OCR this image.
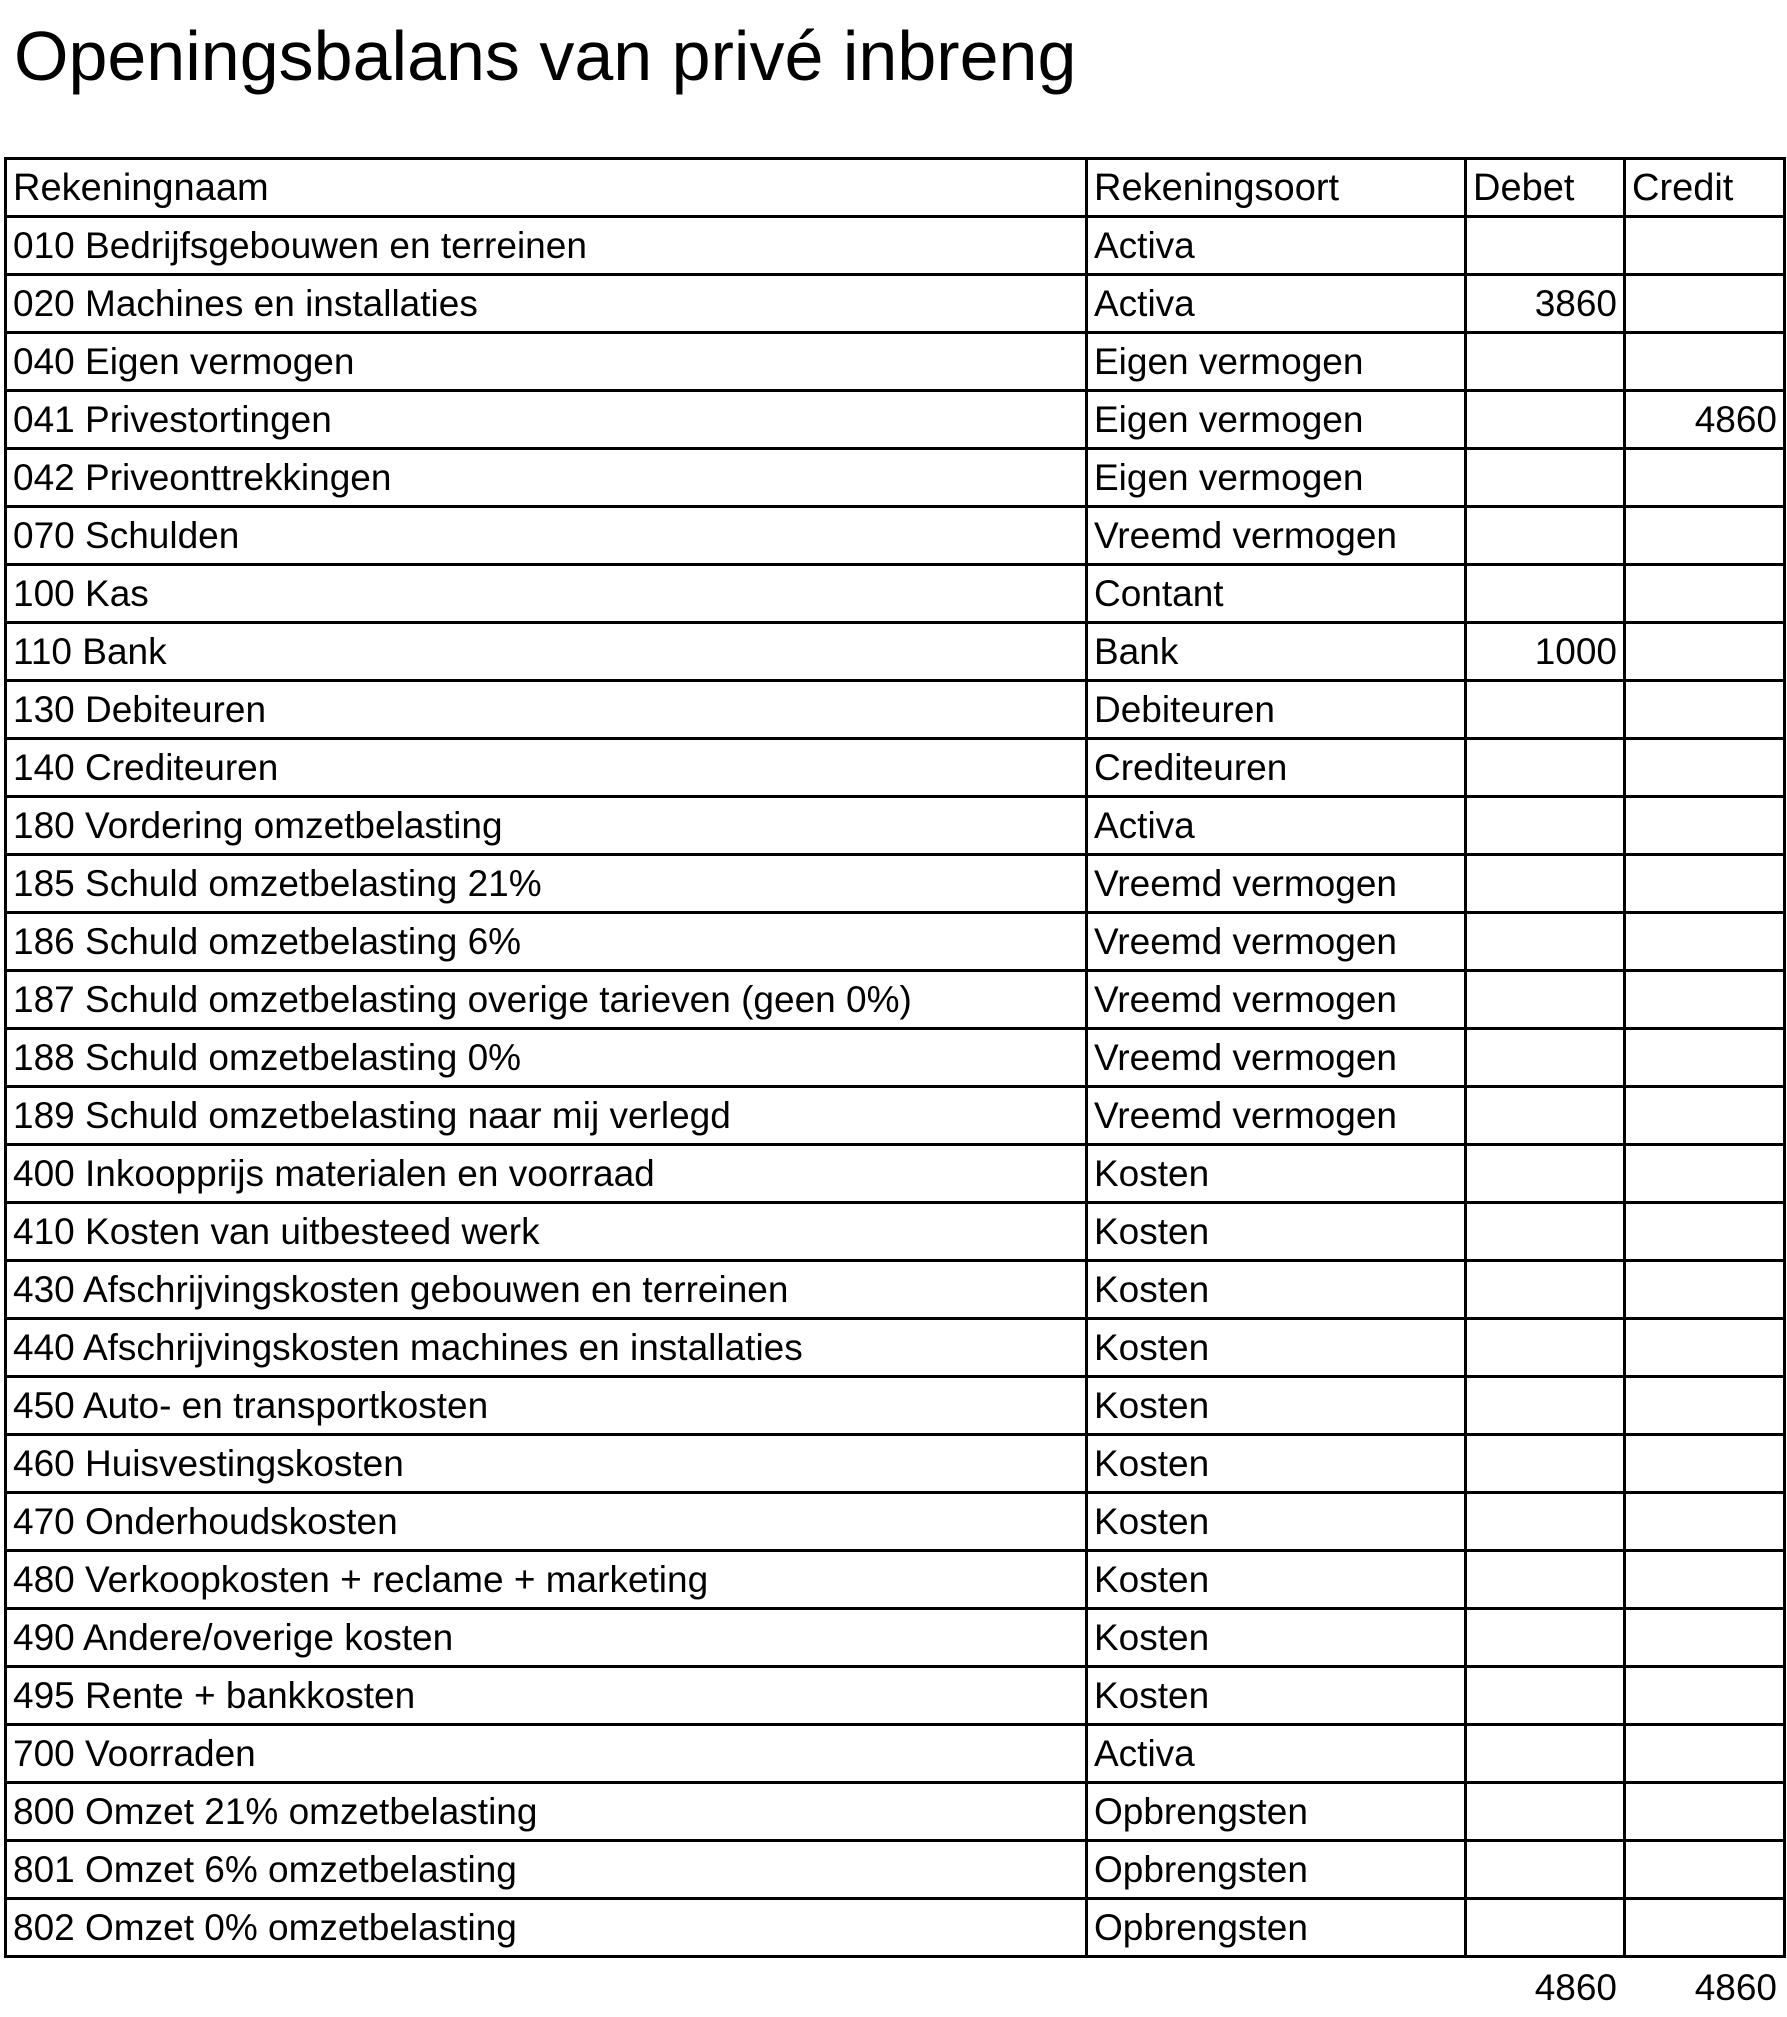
Openingsbalans van privé inbreng
Rekeningnaam	Rekeningsoort	Debet	Credit
010 Bedrijfsgebouwen en terreinen	Activa		
020 Machines en installaties	Activa	3860	
040 Eigen vermogen	Eigen vermogen		
041 Privestortingen	Eigen vermogen		4860
042 Priveonttrekkingen	Eigen vermogen		
070 Schulden	Vreemd vermogen		
100 Kas	Contant		
110 Bank	Bank	1000	
130 Debiteuren	Debiteuren		
140 Crediteuren	Crediteuren		
180 Vordering omzetbelasting	Activa		
185 Schuld omzetbelasting 21%	Vreemd vermogen		
186 Schuld omzetbelasting 6%	Vreemd vermogen		
187 Schuld omzetbelasting overige tarieven (geen 0%)	Vreemd vermogen		
188 Schuld omzetbelasting 0%	Vreemd vermogen		
189 Schuld omzetbelasting naar mij verlegd	Vreemd vermogen		
400 Inkoopprijs materialen en voorraad	Kosten		
410 Kosten van uitbesteed werk	Kosten		
430 Afschrijvingskosten gebouwen en terreinen	Kosten		
440 Afschrijvingskosten machines en installaties	Kosten		
450 Auto- en transportkosten	Kosten		
460 Huisvestingskosten	Kosten		
470 Onderhoudskosten	Kosten		
480 Verkoopkosten + reclame + marketing	Kosten		
490 Andere/overige kosten	Kosten		
495 Rente + bankkosten	Kosten		
700 Voorraden	Activa		
800 Omzet 21% omzetbelasting	Opbrengsten		
801 Omzet 6% omzetbelasting	Opbrengsten		
802 Omzet 0% omzetbelasting	Opbrengsten		
4860	4860
